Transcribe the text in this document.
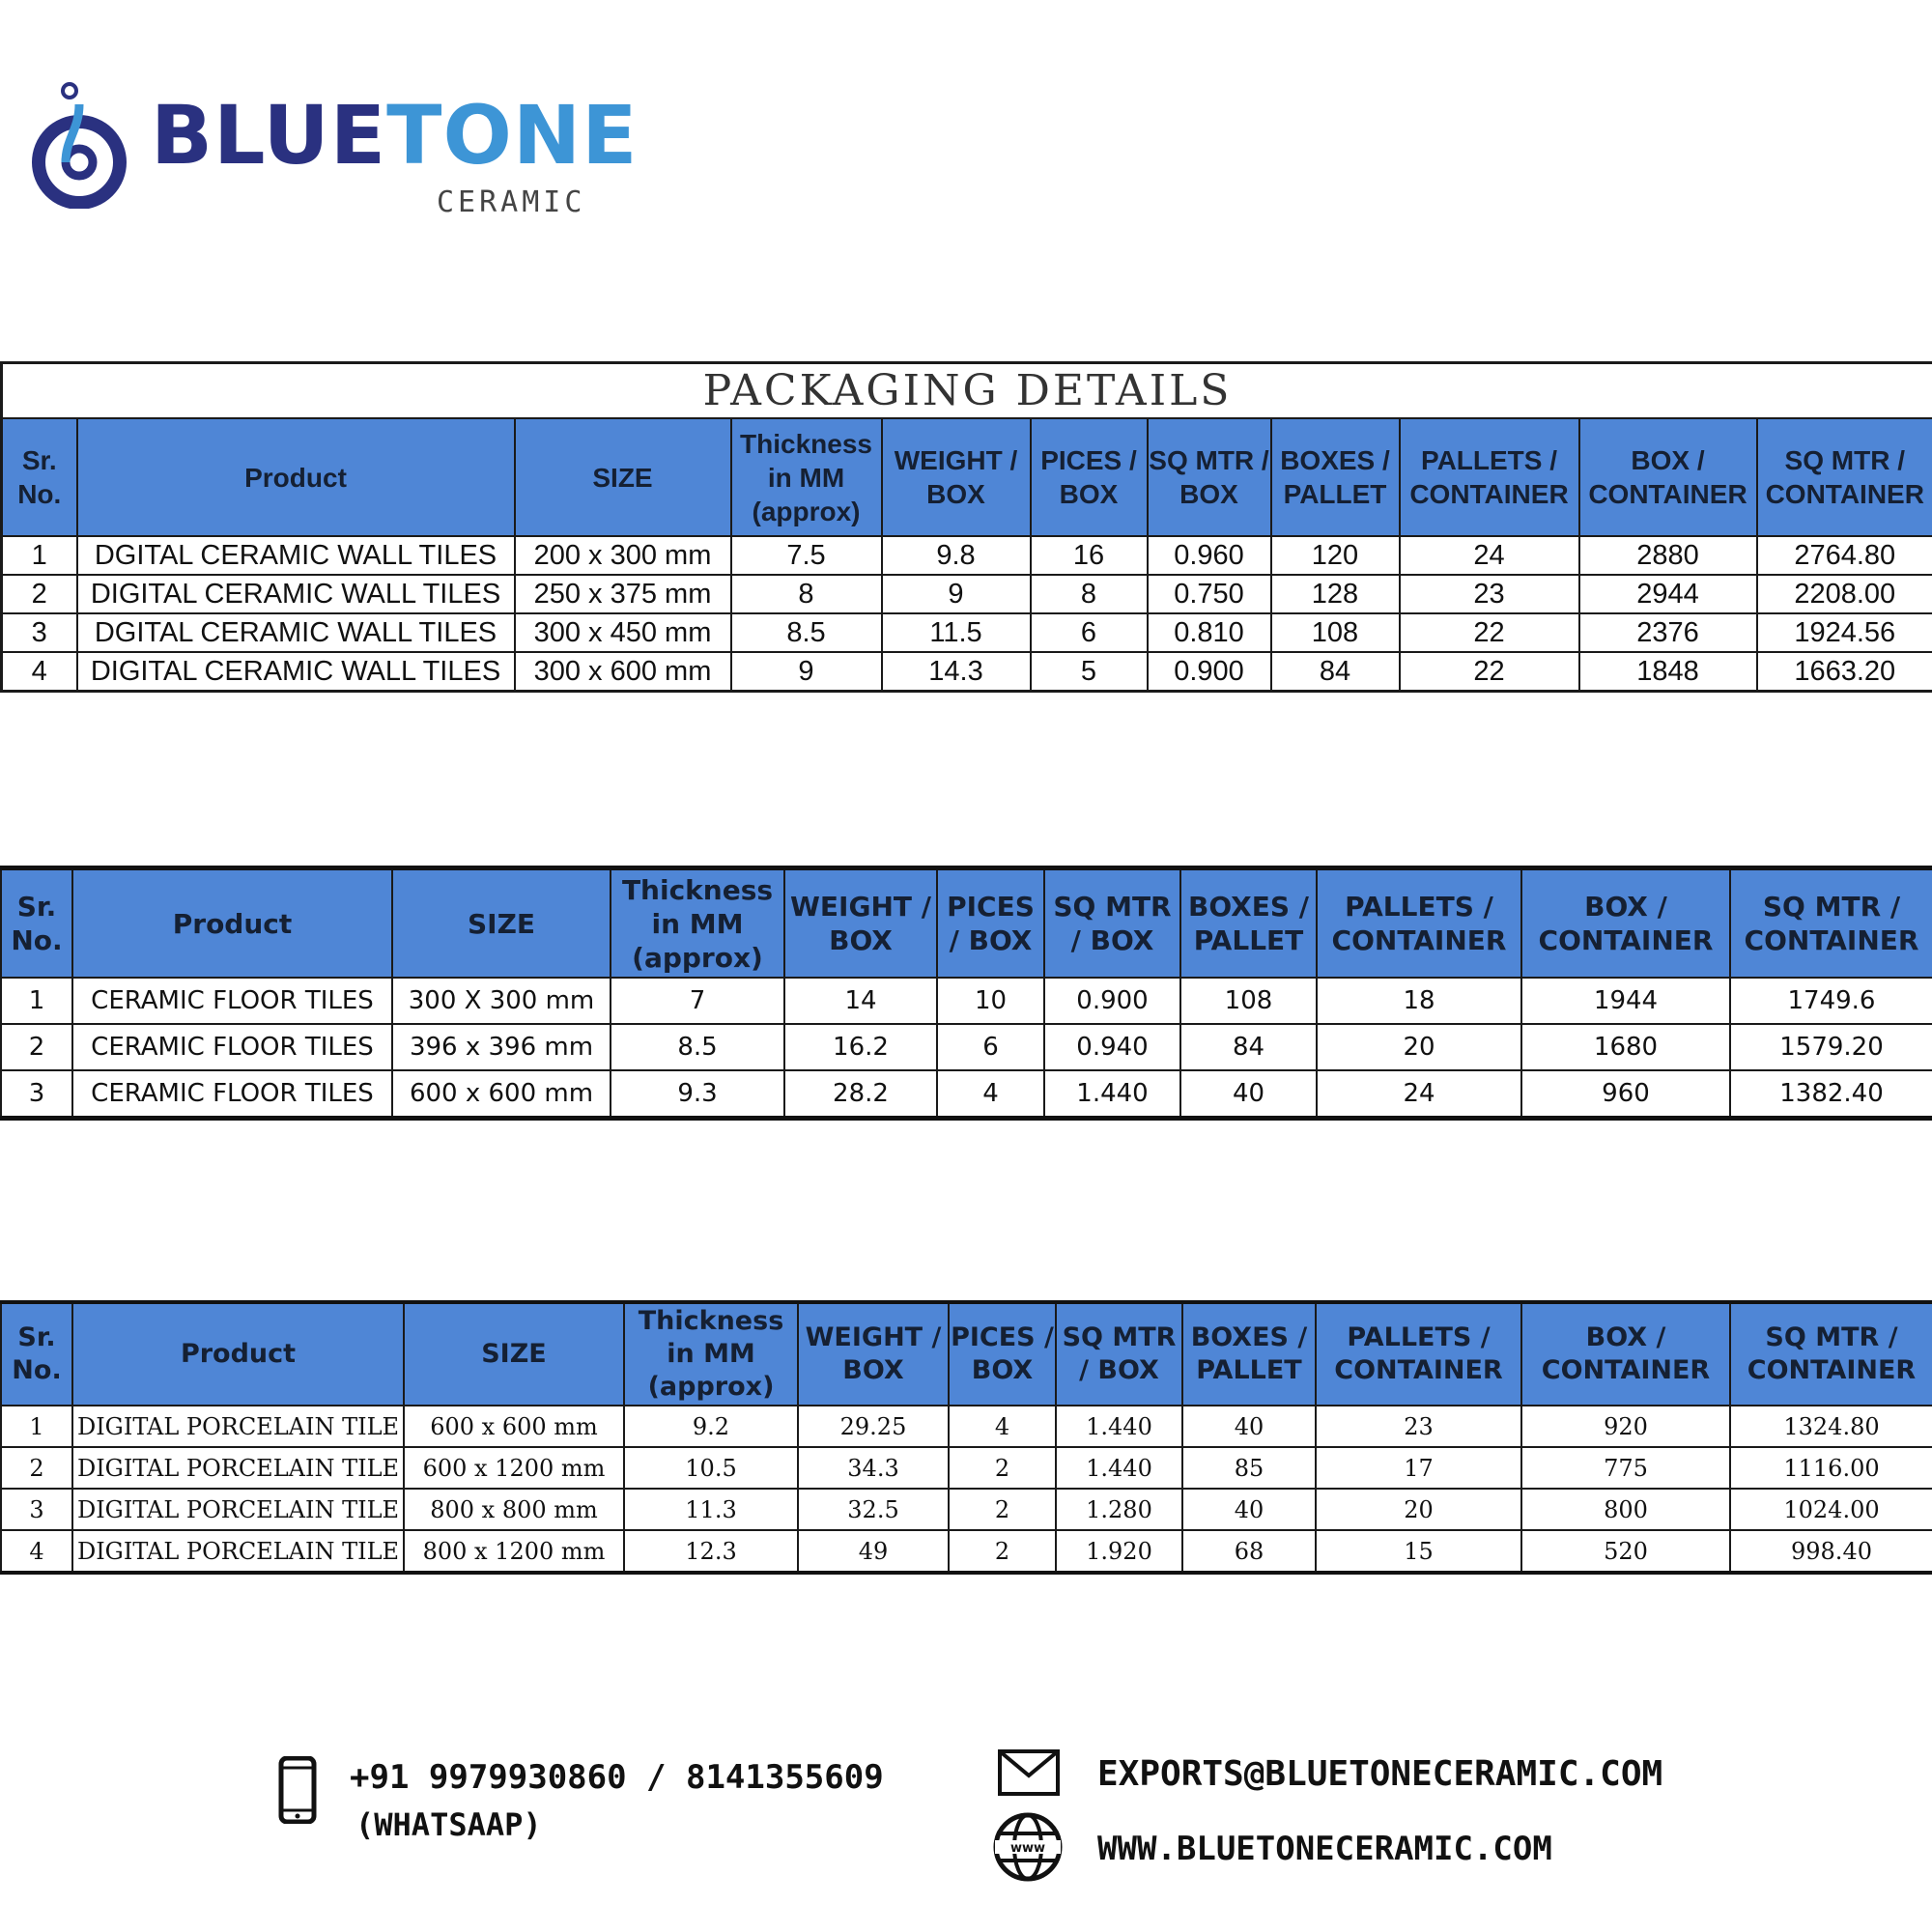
BLUETONE
CERAMIC
PACKAGING DETAILS										
Sr. No.	Product	SIZE	Thickness in MM (approx)	WEIGHT / BOX	PICES / BOX	SQ MTR / BOX	BOXES / PALLET	PALLETS / CONTAINER	BOX / CONTAINER	SQ MTR / CONTAINER
1	DGITAL CERAMIC WALL TILES	200 x 300 mm	7.5	9.8	16	0.960	120	24	2880	2764.80
2	DIGITAL CERAMIC WALL TILES	250 x 375 mm	8	9	8	0.750	128	23	2944	2208.00
3	DGITAL CERAMIC WALL TILES	300 x 450 mm	8.5	11.5	6	0.810	108	22	2376	1924.56
4	DIGITAL CERAMIC WALL TILES	300 x 600 mm	9	14.3	5	0.900	84	22	1848	1663.20
Sr. No.	Product	SIZE	Thickness in MM (approx)	WEIGHT / BOX	PICES / BOX	SQ MTR / BOX	BOXES / PALLET	PALLETS / CONTAINER	BOX / CONTAINER	SQ MTR / CONTAINER
1	CERAMIC FLOOR TILES	300 X 300 mm	7	14	10	0.900	108	18	1944	1749.6
2	CERAMIC FLOOR TILES	396 x 396 mm	8.5	16.2	6	0.940	84	20	1680	1579.20
3	CERAMIC FLOOR TILES	600 x 600 mm	9.3	28.2	4	1.440	40	24	960	1382.40
Sr. No.	Product	SIZE	Thickness in MM (approx)	WEIGHT / BOX	PICES / BOX	SQ MTR / BOX	BOXES / PALLET	PALLETS / CONTAINER	BOX / CONTAINER	SQ MTR / CONTAINER
1	DIGITAL PORCELAIN TILE	600 x 600 mm	9.2	29.25	4	1.440	40	23	920	1324.80
2	DIGITAL PORCELAIN TILE	600 x 1200 mm	10.5	34.3	2	1.440	85	17	775	1116.00
3	DIGITAL PORCELAIN TILE	800 x 800 mm	11.3	32.5	2	1.280	40	20	800	1024.00
4	DIGITAL PORCELAIN TILE	800 x 1200 mm	12.3	49	2	1.920	68	15	520	998.40
+91 9979930860 / 8141355609
(WHATSAAP)
EXPORTS@BLUETONECERAMIC.COM
www WWW.BLUETONECERAMIC.COM
